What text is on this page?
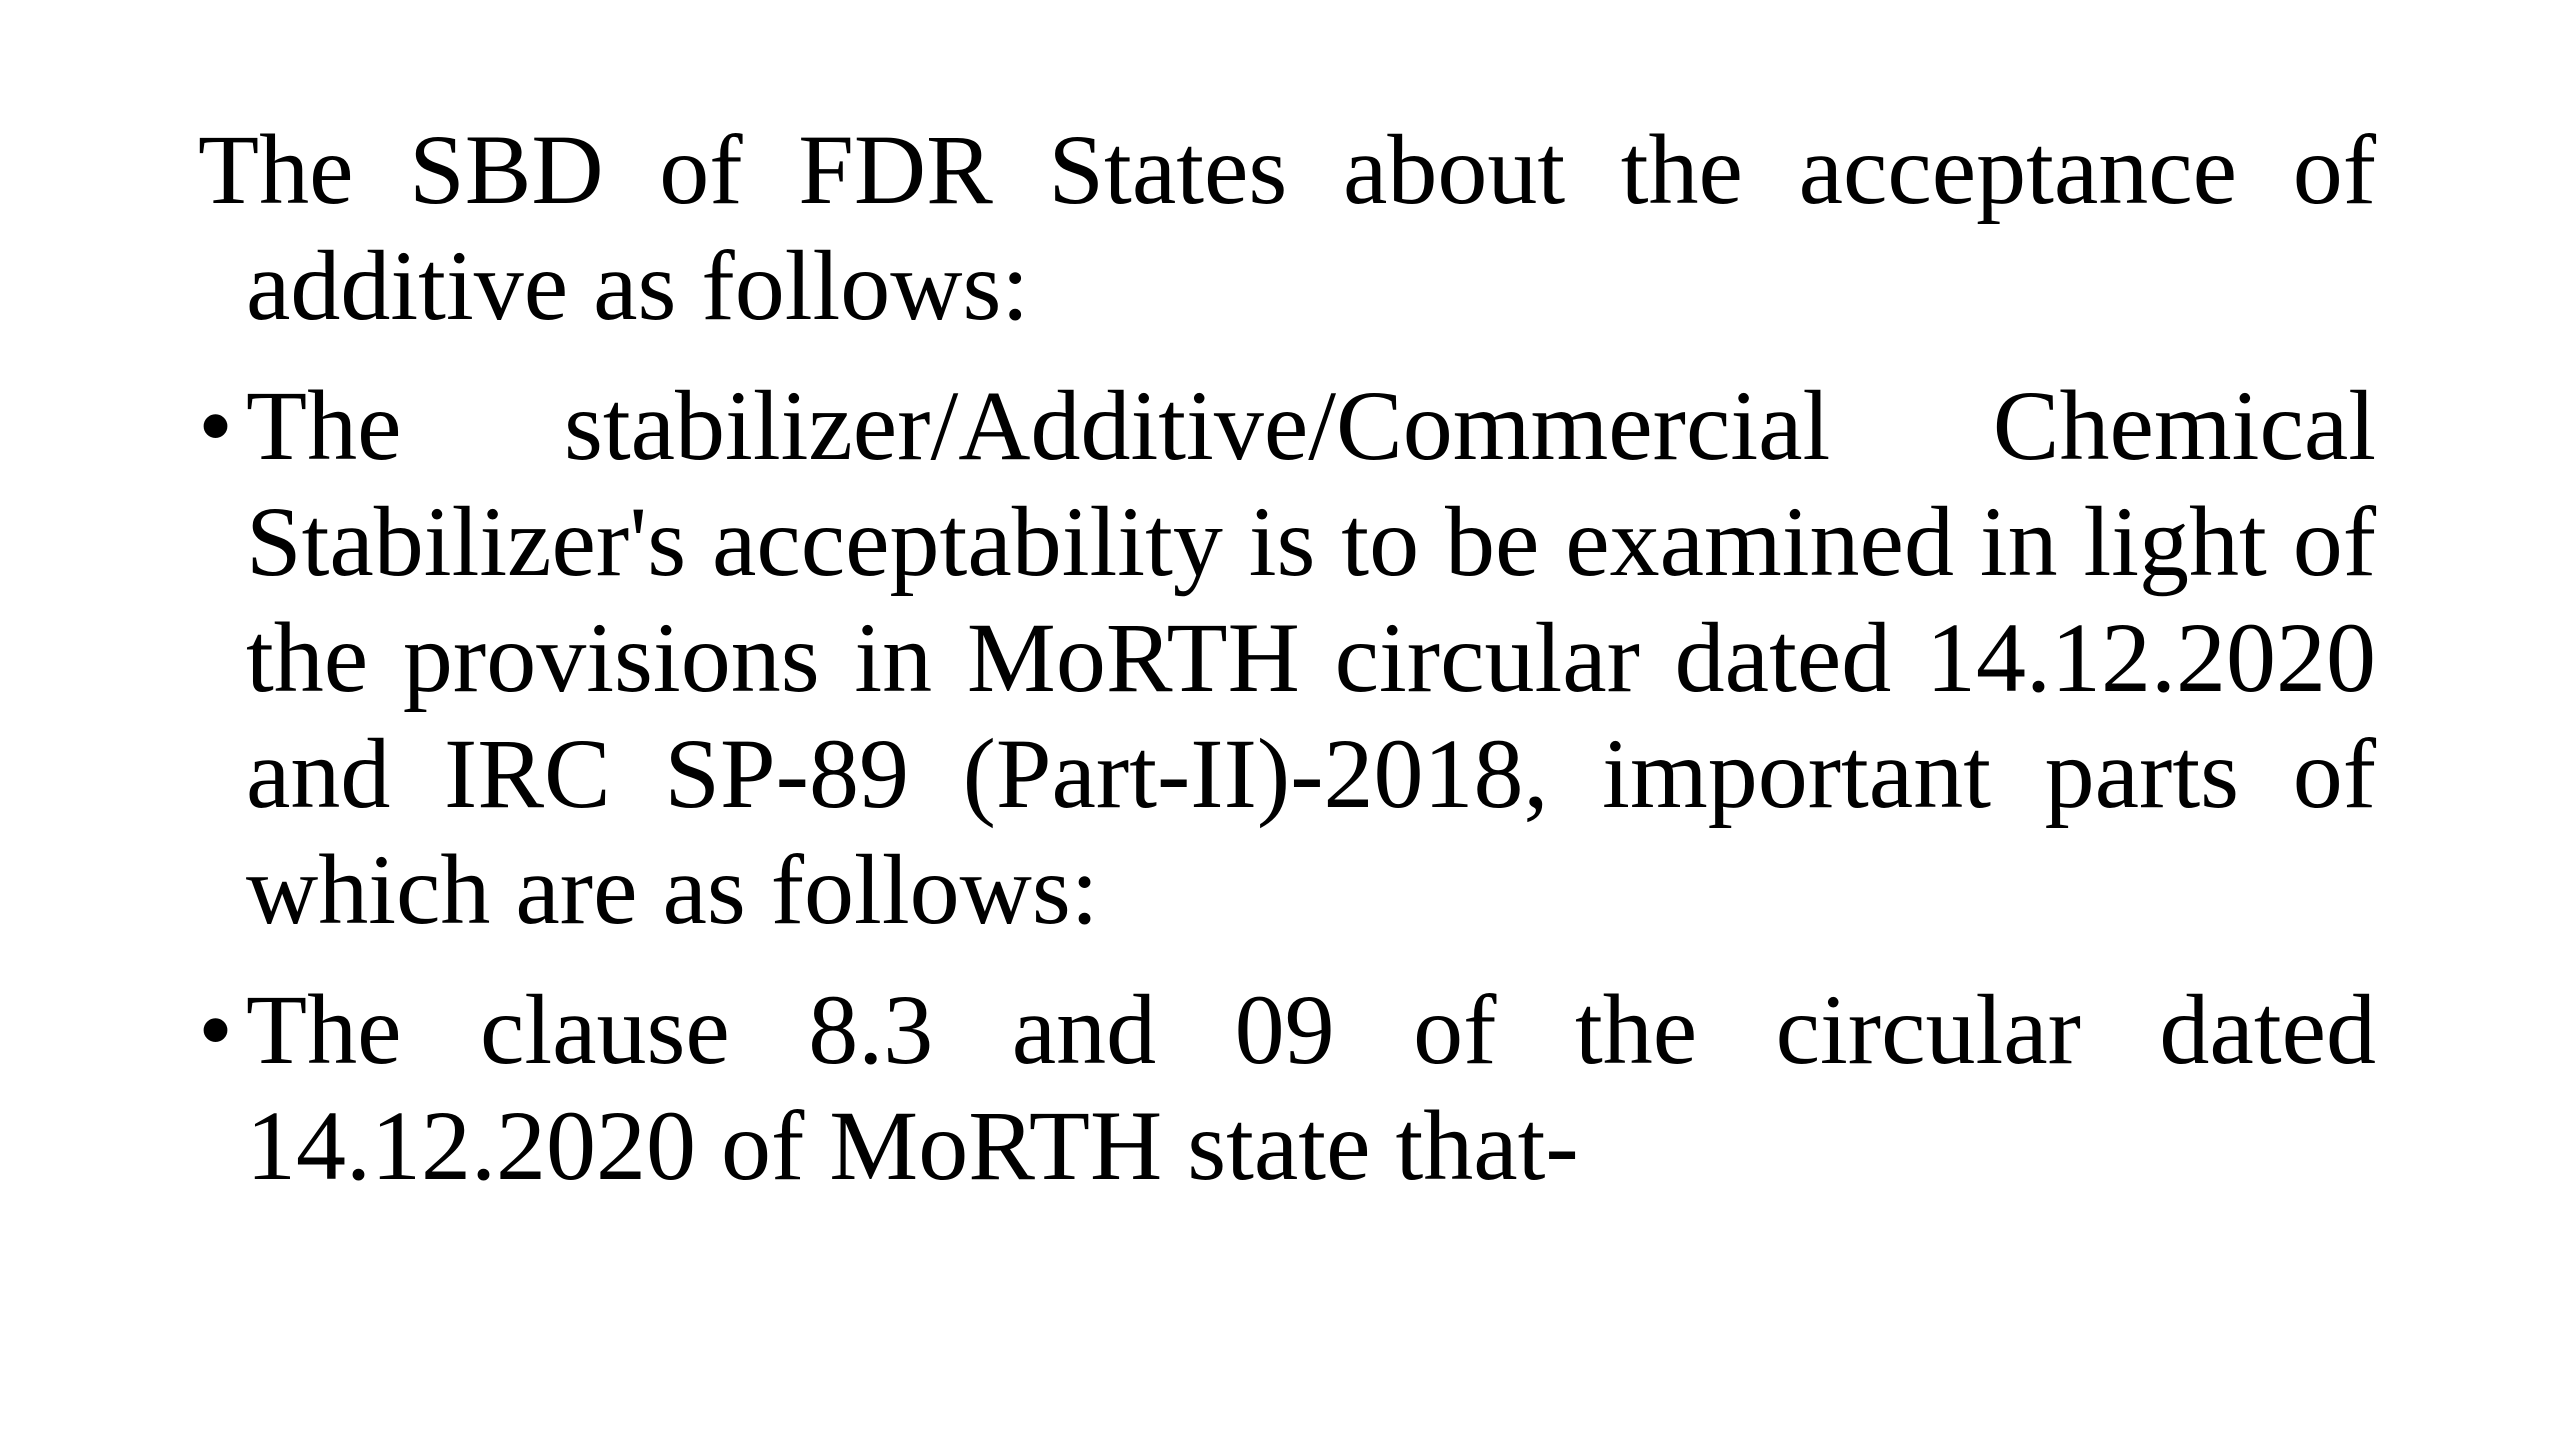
The SBD of FDR States about the acceptance of additive as follows:

• The stabilizer/Additive/Commercial Chemical Stabilizer's acceptability is to be examined in light of the provisions in MoRTH circular dated 14.12.2020 and IRC SP-89 (Part-II)-2018, important parts of which are as follows:
• The clause 8.3 and 09 of the circular dated 14.12.2020 of MoRTH state that-
